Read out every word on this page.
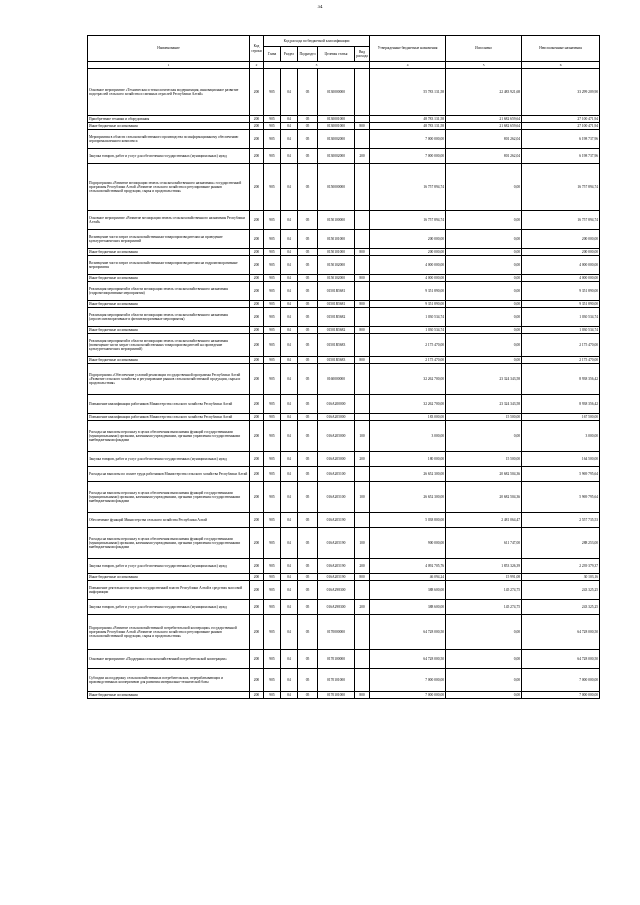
34
Наименование	Код строки	Код расхода по бюджетной классификации					Утвержденные бюджетные назначения	Исполнено	Неисполненные назначения
		Глава	Раздел	Подраздел	Целевая статья	Вид расхода			
1	2	3					4	5	6
Основное мероприятие «Техническая и технологическая модернизация, инновационное развитие подотраслей сельского хозяйства и смежных отраслей Республики Алтай»	200	905	04	05	0130000000		55 783 131,58	22 483 921,68	33 299 209,90
Приобретение техники и оборудования	200	905	04	05	0130001000		48 783 131,58	21 682 659,64	27 100 471,94
Иные бюджетные ассигнования	200	905	04	05	0130001000	800	48 783 131,58	21 682 659,64	27 100 471,94
Мероприятия в области сельскохозяйственного производства по информационному обеспечению агропромышленного комплекса	200	905	04	05	0130002000		7 000 000,00	801 262,04	6 198 737,96
Закупка товаров, работ и услуг для обеспечения государственных (муниципальных) нужд	200	905	04	05	0130002000	200	7 000 000,00	801 262,04	6 198 737,96
Подпрограмма «Развитие мелиорации земель сельскохозяйственного назначения» государственной программы Республики Алтай «Развитие сельского хозяйства и регулирование рынков сельскохозяйственной продукции, сырья и продовольствия»	200	905	04	05	0150000000		16 757 894,74	0,00	16 757 894,74
Основное мероприятие «Развитие мелиорации земель сельскохозяйственного назначения Республики Алтай»	200	905	04	05	0150100000		16 757 894,74	0,00	16 757 894,74
Возмещение части затрат сельскохозяйственным товаропроизводителям на проведение культуртехнических мероприятий	200	905	04	05	0150101000		200 000,00	0,00	200 000,00
Иные бюджетные ассигнования	200	905	04	05	0150101000	800	200 000,00	0,00	200 000,00
Возмещение части затрат сельскохозяйственным товаропроизводителям на гидромелиоративные мероприятия	200	905	04	05	0150102000		4 000 000,00	0,00	4 000 000,00
Иные бюджетные ассигнования	200	905	04	05	0150102000	800	4 000 000,00	0,00	4 000 000,00
Реализация мероприятий в области мелиорации земель сельскохозяйственного назначения (гидромелиоративные мероприятия)	200	905	04	05	01501R5681		9 351 890,00	0,00	9 351 890,00
Иные бюджетные ассигнования	200	905	04	05	01501R5681	800	9 351 890,00	0,00	9 351 890,00
Реализация мероприятий в области мелиорации земель сельскохозяйственного назначения (агролесомелиоративные и фитомелиоративные мероприятия)	200	905	04	05	01501R5682		1 030 534,74	0,00	1 030 534,74
Иные бюджетные ассигнования	200	905	04	05	01501R5682	800	1 030 534,74	0,00	1 030 534,74
Реализация мероприятий в области мелиорации земель сельскохозяйственного назначения (возмещение части затрат сельскохозяйственных товаропроизводителей на проведение культуртехнических мероприятий)	200	905	04	05	01501R5683		2 175 470,00	0,00	2 175 470,00
Иные бюджетные ассигнования	200	905	04	05	01501R5683	800	2 175 470,00	0,00	2 175 470,00
Подпрограмма «Обеспечение условий реализации государственной программы Республики Алтай «Развитие сельского хозяйства и регулирование рынков сельскохозяйственной продукции, сырья и продовольствия»	200	905	04	05	0160000000		32 262 700,00	23 324 343,58	8 938 356,42
Повышение квалификации работников Министерства сельского хозяйства Республики Алтай	200	905	04	05	016А200000		32 262 700,00	23 324 343,58	8 938 356,42
Повышение квалификации работников Министерства сельского хозяйства Республики Алтай	200	905	04	05	016А205000		183 000,00	15 500,00	167 500,00
Расходы на выплаты персоналу в целях обеспечения выполнения функций государственными (муниципальными) органами, казенными учреждениями, органами управления государственными внебюджетными фондами	200	905	04	05	016А205000	100	3 000,00	0,00	3 000,00
Закупка товаров, работ и услуг для обеспечения государственных (муниципальных) нужд	200	905	04	05	016А205000	200	180 000,00	15 500,00	164 500,00
Расходы на выплаты по оплате труда работников Министерства сельского хозяйства Республики Алтай	200	905	04	05	016А205100		26 652 300,00	20 682 504,36	5 969 795,64
Расходы на выплаты персоналу в целях обеспечения выполнения функций государственными (муниципальными) органами, казенными учреждениями, органами управления государственными внебюджетными фондами	200	905	04	05	016А205100	100	26 652 300,00	20 682 504,36	5 969 795,64
Обеспечение функций Министерства сельского хозяйства Республики Алтай	200	905	04	05	016А205190		5 038 800,00	2 481 064,47	2 557 735,53
Расходы на выплаты персоналу в целях обеспечения выполнения функций государственными (муниципальными) органами, казенными учреждениями, органами управления государственными внебюджетными фондами	200	905	04	05	016А205190	100	900 000,00	611 747,00	288 253,00
Закупка товаров, работ и услуг для обеспечения государственных (муниципальных) нужд	200	905	04	05	016А205190	200	4 092 705,76	1 853 326,39	2 239 379,37
Иные бюджетные ассигнования	200	905	04	05	016А205190	800	46 094,24	15 991,08	30 103,16
Повышение деятельности органов государственной власти Республики Алтай в средствах массовой информации	200	905	04	05	016А298300		388 600,00	145 274,75	243 325,25
Закупка товаров, работ и услуг для обеспечения государственных (муниципальных) нужд	200	905	04	05	016А298300	200	388 600,00	145 274,75	243 325,25
Подпрограмма «Развитие сельскохозяйственной потребительской кооперации» государственной программы Республики Алтай «Развитие сельского хозяйства и регулирование рынков сельскохозяйственной продукции, сырья и продовольствия»	200	905	04	05	0170000000		64 728 000,50	0,00	64 728 000,50
Основное мероприятие «Поддержка сельскохозяйственной потребительской кооперации»	200	905	04	05	0170100000		64 728 000,50	0,00	64 728 000,50
Субсидии на поддержку сельскохозяйственных потребительских, перерабатывающих и производственных кооперативов для развития материально-технической базы	200	905	04	05	0170101000		7 000 000,00	0,00	7 000 000,00
Иные бюджетные ассигнования	200	905	04	05	0170101000	800	7 000 000,00	0,00	7 000 000,00
